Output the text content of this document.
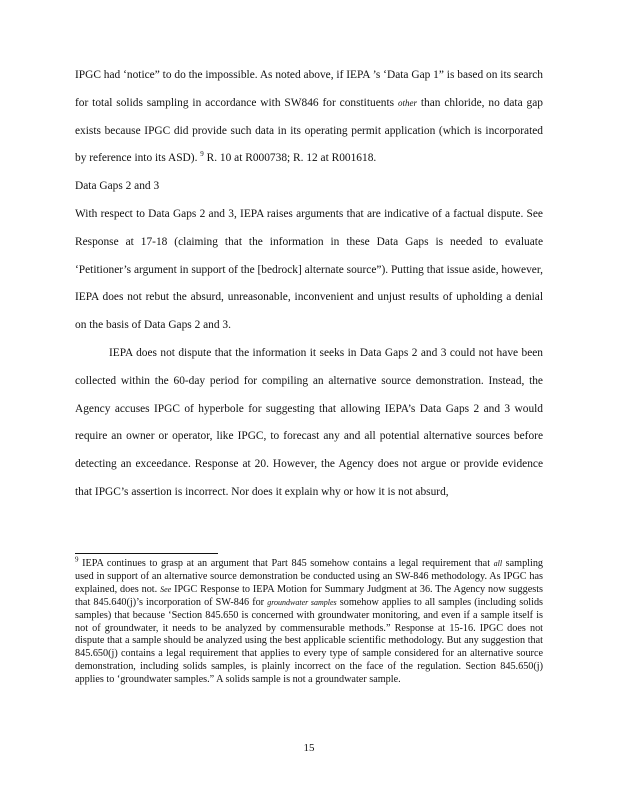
IPGC had ‘notice” to do the impossible. As noted above, if IEPA ’s ‘Data Gap 1” is based on its search for total solids sampling in accordance with SW846 for constituents other than chloride, no data gap exists because IPGC did provide such data in its operating permit application (which is incorporated by reference into its ASD). $^9$ R. 10 at R000738; R. 12 at R001618.

Data Gaps 2 and 3

With respect to Data Gaps 2 and 3, IEPA raises arguments that are indicative of a factual dispute. See Response at 17-18 (claiming that the information in these Data Gaps is needed to evaluate ‘Petitioner’s argument in support of the [bedrock] alternate source”). Putting that issue aside, however, IEPA does not rebut the absurd, unreasonable, inconvenient and unjust results of upholding a denial on the basis of Data Gaps 2 and 3.

IEPA does not dispute that the information it seeks in Data Gaps 2 and 3 could not have been collected within the 60-day period for compiling an alternative source demonstration. Instead, the Agency accuses IPGC of hyperbole for suggesting that allowing IEPA’s Data Gaps 2 and 3 would require an owner or operator, like IPGC, to forecast any and all potential alternative sources before detecting an exceedance. Response at 20. However, the Agency does not argue or provide evidence that IPGC’s assertion is incorrect. Nor does it explain why or how it is not absurd,

$^9$ IEPA continues to grasp at an argument that Part 845 somehow contains a legal requirement that all sampling used in support of an alternative source demonstration be conducted using an SW-846 methodology. As IPGC has explained, does not. See IPGC Response to IEPA Motion for Summary Judgment at 36. The Agency now suggests that 845.640(j)’s incorporation of SW-846 for groundwater samples somehow applies to all samples (including solids samples) that because ‘Section 845.650 is concerned with groundwater monitoring, and even if a sample itself is not of groundwater, it needs to be analyzed by commensurable methods.” Response at 15-16. IPGC does not dispute that a sample should be analyzed using the best applicable scientific methodology. But any suggestion that 845.650(j) contains a legal requirement that applies to every type of sample considered for an alternative source demonstration, including solids samples, is plainly incorrect on the face of the regulation. Section 845.650(j) applies to ‘groundwater samples.” A solids sample is not a groundwater sample.
15
